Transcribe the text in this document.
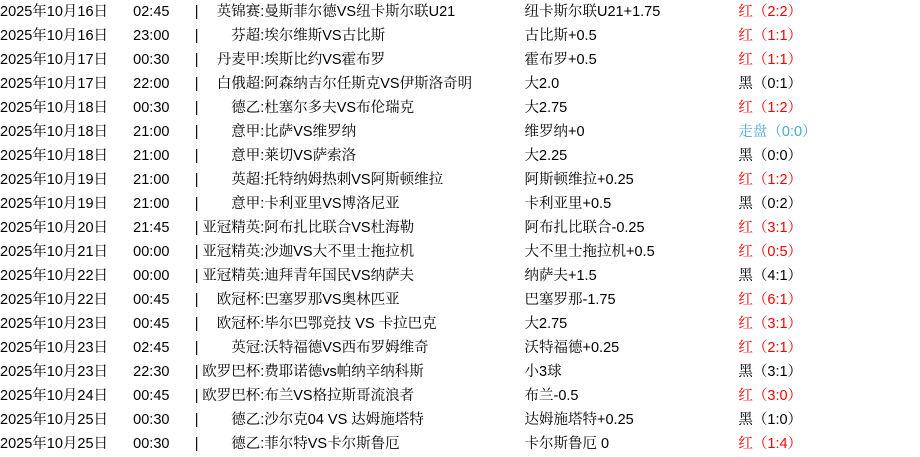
2025年10月16日	02:45	|	英锦赛:	曼斯菲尔德VS纽卡斯尔联U21	纽卡斯尔联U21+1.75	红（2:2）
2025年10月16日	23:00	|	芬超:	埃尔维斯VS古比斯	古比斯+0.5	红（1:1）
2025年10月17日	00:30	|	丹麦甲:	埃斯比约VS霍布罗	霍布罗+0.5	红（1:1）
2025年10月17日	22:00	|	白俄超:	阿森纳吉尔任斯克VS伊斯洛奇明	大2.0	黑（0:1）
2025年10月18日	00:30	|	德乙:	杜塞尔多夫VS布伦瑞克	大2.75	红（1:2）
2025年10月18日	21:00	|	意甲:	比萨VS维罗纳	维罗纳+0	走盘（0:0）
2025年10月18日	21:00	|	意甲:	莱切VS萨索洛	大2.25	黑（0:0）
2025年10月19日	21:00	|	英超:	托特纳姆热刺VS阿斯顿维拉	阿斯顿维拉+0.25	红（1:2）
2025年10月19日	21:00	|	意甲:	卡利亚里VS博洛尼亚	卡利亚里+0.5	黑（0:2）
2025年10月20日	21:45	|	亚冠精英:	阿布扎比联合VS杜海勒	阿布扎比联合-0.25	红（3:1）
2025年10月21日	00:00	|	亚冠精英:	沙迦VS大不里士拖拉机	大不里士拖拉机+0.5	红（0:5）
2025年10月22日	00:00	|	亚冠精英:	迪拜青年国民VS纳萨夫	纳萨夫+1.5	黑（4:1）
2025年10月22日	00:45	|	欧冠杯:	巴塞罗那VS奥林匹亚	巴塞罗那-1.75	红（6:1）
2025年10月23日	00:45	|	欧冠杯:	毕尔巴鄂竞技 VS 卡拉巴克	大2.75	红（3:1）
2025年10月23日	02:45	|	英冠:	沃特福德VS西布罗姆维奇	沃特福德+0.25	红（2:1）
2025年10月23日	22:30	|	欧罗巴杯:	费耶诺德vs帕纳辛纳科斯	小3球	黑（3:1）
2025年10月24日	00:45	|	欧罗巴杯:	布兰VS格拉斯哥流浪者	布兰-0.5	红（3:0）
2025年10月25日	00:30	|	德乙:	沙尔克04 VS 达姆施塔特	达姆施塔特+0.25	黑（1:0）
2025年10月25日	00:30	|	德乙:	菲尔特VS卡尔斯鲁厄	卡尔斯鲁厄 0	红（1:4）
